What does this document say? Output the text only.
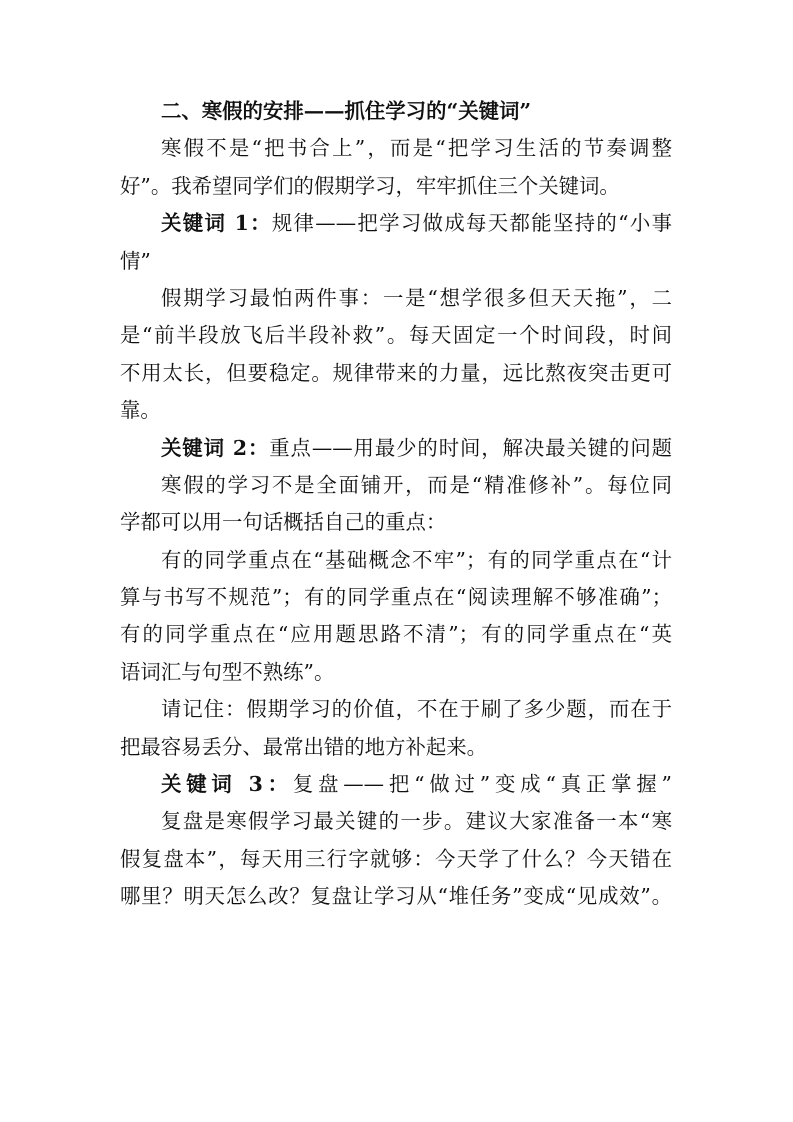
二、寒假的安排——抓住学习的“关键词”
寒假不是“把书合上”，而是“把学习生活的节奏调整
好”。我希望同学们的假期学习，牢牢抓住三个关键词。
关键词 1：规律——把学习做成每天都能坚持的“小事
情”
假期学习最怕两件事：一是“想学很多但天天拖”，二
是“前半段放飞后半段补救”。每天固定一个时间段，时间
不用太长，但要稳定。规律带来的力量，远比熬夜突击更可
靠。
关键词 2：重点——用最少的时间，解决最关键的问题
寒假的学习不是全面铺开，而是“精准修补”。每位同
学都可以用一句话概括自己的重点：
有的同学重点在“基础概念不牢”；有的同学重点在“计
算与书写不规范”；有的同学重点在“阅读理解不够准确”；
有的同学重点在“应用题思路不清”；有的同学重点在“英
语词汇与句型不熟练”。
请记住：假期学习的价值，不在于刷了多少题，而在于
把最容易丢分、最常出错的地方补起来。
关键词 3：复盘——把“做过”变成“真正掌握”
复盘是寒假学习最关键的一步。建议大家准备一本“寒
假复盘本”，每天用三行字就够：今天学了什么？今天错在
哪里？明天怎么改？复盘让学习从“堆任务”变成“见成效”。
